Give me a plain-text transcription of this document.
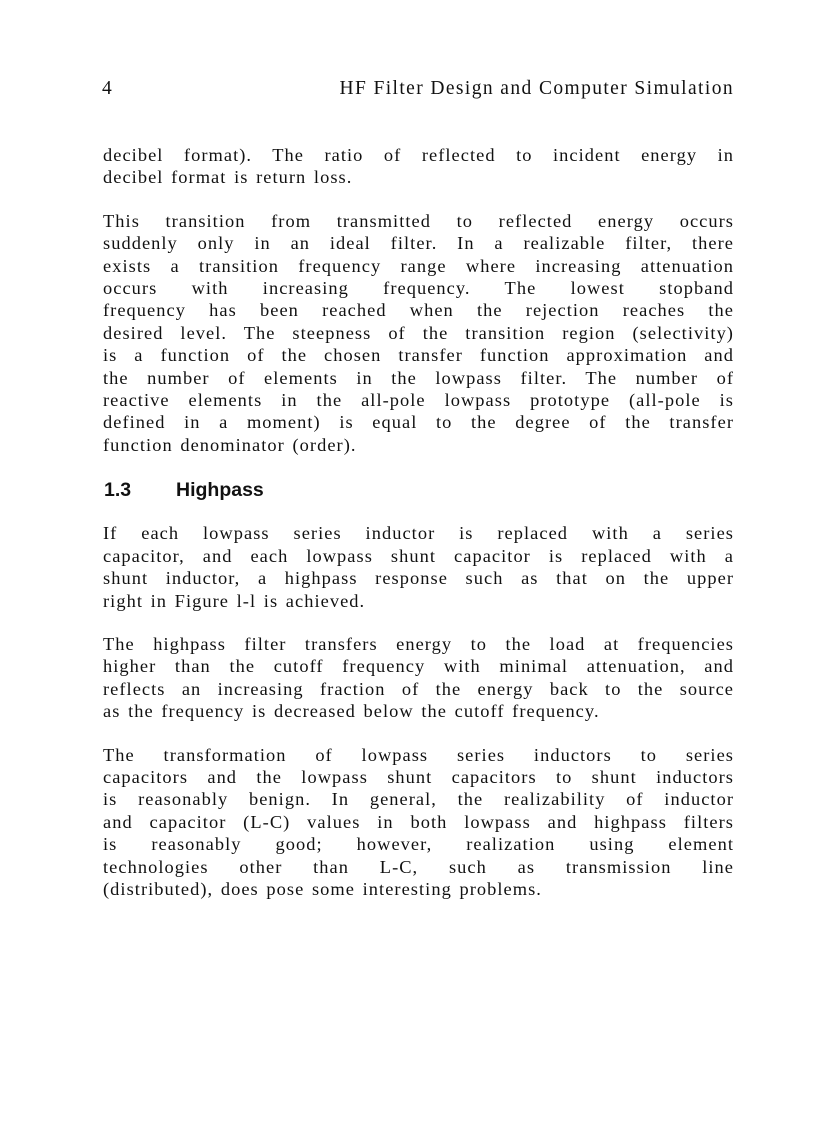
4	HF Filter Design and Computer Simulation

decibel format). The ratio of reflected to incident energy in
decibel format is return loss.

This transition from transmitted to reflected energy occurs
suddenly only in an ideal filter. In a realizable filter, there
exists a transition frequency range where increasing attenuation
occurs with increasing frequency. The lowest stopband
frequency has been reached when the rejection reaches the
desired level. The steepness of the transition region (selectivity)
is a function of the chosen transfer function approximation and
the number of elements in the lowpass filter. The number of
reactive elements in the all-pole lowpass prototype (all-pole is
defined in a moment) is equal to the degree of the transfer
function denominator (order).

1.3 Highpass

If each lowpass series inductor is replaced with a series
capacitor, and each lowpass shunt capacitor is replaced with a
shunt inductor, a highpass response such as that on the upper
right in Figure l-l is achieved.

The highpass filter transfers energy to the load at frequencies
higher than the cutoff frequency with minimal attenuation, and
reflects an increasing fraction of the energy back to the source
as the frequency is decreased below the cutoff frequency.

The transformation of lowpass series inductors to series
capacitors and the lowpass shunt capacitors to shunt inductors
is reasonably benign. In general, the realizability of inductor
and capacitor (L-C) values in both lowpass and highpass filters
is reasonably good; however, realization using element
technologies other than L-C, such as transmission line
(distributed), does pose some interesting problems.
